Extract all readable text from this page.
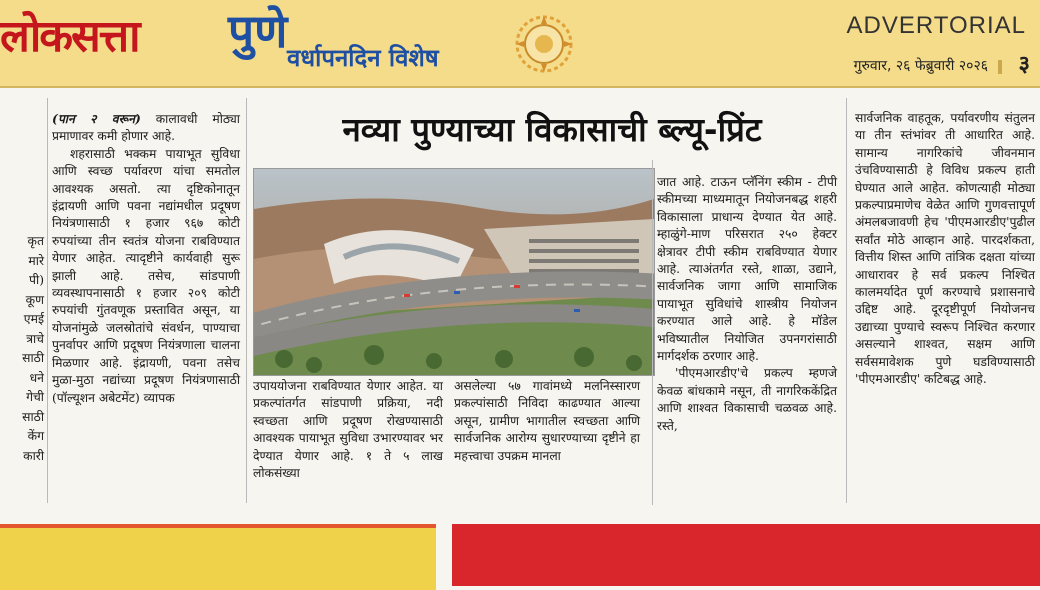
लोकसत्ता पुणे वर्धापनदिन विशेष
ADVERTORIAL
गुरुवार, २६ फेब्रुवारी २०२६ ३
कृत
मारे
पी)
कूण
एमई
त्राचे
साठी
धने
गेची
साठी
केंग
कारी

(पान २ वरून) कालावधी मोठ्या प्रमाणावर कमी होणार आहे.

शहरासाठी भक्कम पायाभूत सुविधा आणि स्वच्छ पर्यावरण यांचा समतोल आवश्यक असतो. त्या दृष्टिकोनातून इंद्रायणी आणि पवना नद्यांमधील प्रदूषण नियंत्रणासाठी १ हजार ९६७ कोटी रुपयांच्या तीन स्वतंत्र योजना राबविण्यात येणार आहेत. त्यादृष्टीने कार्यवाही सुरू झाली आहे. तसेच, सांडपाणी व्यवस्थापनासाठी १ हजार २०९ कोटी रुपयांची गुंतवणूक प्रस्तावित असून, या योजनांमुळे जलस्रोतांचे संवर्धन, पाण्याचा पुनर्वापर आणि प्रदूषण नियंत्रणाला चालना मिळणार आहे. इंद्रायणी, पवना तसेच मुळा-मुठा नद्यांच्या प्रदूषण नियंत्रणासाठी (पॉल्यूशन अबेटमेंट) व्यापक

नव्या पुण्याच्या विकासाची ब्ल्यू-प्रिंट

उपाययोजना राबविण्यात येणार आहेत. या प्रकल्पांतर्गत सांडपाणी प्रक्रिया, नदी स्वच्छता आणि प्रदूषण रोखण्यासाठी आवश्यक पायाभूत सुविधा उभारण्यावर भर देण्यात येणार आहे. १ ते ५ लाख लोकसंख्या

असलेल्या ५७ गावांमध्ये मलनिस्सारण प्रकल्पांसाठी निविदा काढण्यात आल्या असून, ग्रामीण भागातील स्वच्छता आणि सार्वजनिक आरोग्य सुधारण्याच्या दृष्टीने हा महत्त्वाचा उपक्रम मानला

जात आहे. टाऊन प्लॅनिंग स्कीम - टीपी स्कीमच्या माध्यमातून नियोजनबद्ध शहरी विकासाला प्राधान्य देण्यात येत आहे. म्हाळुंगे-माण परिसरात २५० हेक्टर क्षेत्रावर टीपी स्कीम राबविण्यात येणार आहे. त्याअंतर्गत रस्ते, शाळा, उद्याने, सार्वजनिक जागा आणि सामाजिक पायाभूत सुविधांचे शास्त्रीय नियोजन करण्यात आले आहे. हे मॉडेल भविष्यातील नियोजित उपनगरांसाठी मार्गदर्शक ठरणार आहे.

'पीएमआरडीए'चे प्रकल्प म्हणजे केवळ बांधकामे नसून, ती नागरिककेंद्रित आणि शाश्वत विकासाची चळवळ आहे. रस्ते,

सार्वजनिक वाहतूक, पर्यावरणीय संतुलन या तीन स्तंभांवर ती आधारित आहे. सामान्य नागरिकांचे जीवनमान उंचविण्यासाठी हे विविध प्रकल्प हाती घेण्यात आले आहेत. कोणत्याही मोठ्या प्रकल्पाप्रमाणेच वेळेत आणि गुणवत्तापूर्ण अंमलबजावणी हेच 'पीएमआरडीए'पुढील सर्वांत मोठे आव्हान आहे. पारदर्शकता, वित्तीय शिस्त आणि तांत्रिक दक्षता यांच्या आधारावर हे सर्व प्रकल्प निश्चित कालमर्यादेत पूर्ण करण्याचे प्रशासनाचे उद्दिष्ट आहे. दूरदृष्टीपूर्ण नियोजनच उद्याच्या पुण्याचे स्वरूप निश्चित करणार असल्याने शाश्वत, सक्षम आणि सर्वसमावेशक पुणे घडविण्यासाठी 'पीएमआरडीए' कटिबद्ध आहे.
